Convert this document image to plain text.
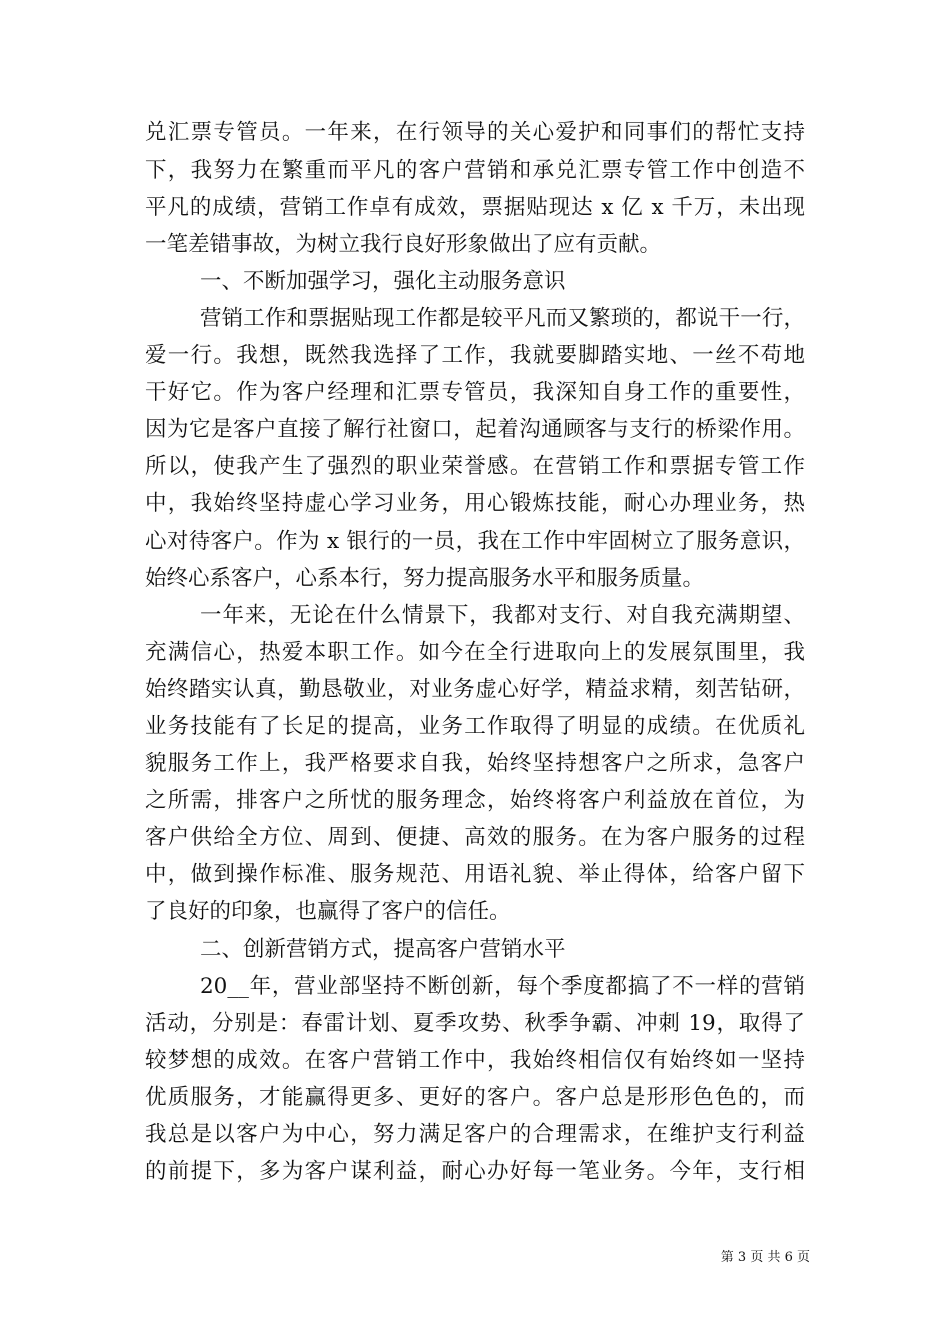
兑汇票专管员。一年来，在行领导的关心爱护和同事们的帮忙支持
下，我努力在繁重而平凡的客户营销和承兑汇票专管工作中创造不
平凡的成绩，营销工作卓有成效，票据贴现达 x 亿 x 千万，未出现
一笔差错事故，为树立我行良好形象做出了应有贡献。
一、不断加强学习，强化主动服务意识
营销工作和票据贴现工作都是较平凡而又繁琐的，都说干一行，
爱一行。我想，既然我选择了工作，我就要脚踏实地、一丝不苟地
干好它。作为客户经理和汇票专管员，我深知自身工作的重要性，
因为它是客户直接了解行社窗口，起着沟通顾客与支行的桥梁作用。
所以，使我产生了强烈的职业荣誉感。在营销工作和票据专管工作
中，我始终坚持虚心学习业务，用心锻炼技能，耐心办理业务，热
心对待客户。作为 x 银行的一员，我在工作中牢固树立了服务意识，
始终心系客户，心系本行，努力提高服务水平和服务质量。
一年来，无论在什么情景下，我都对支行、对自我充满期望、
充满信心，热爱本职工作。如今在全行进取向上的发展氛围里，我
始终踏实认真，勤恳敬业，对业务虚心好学，精益求精，刻苦钻研，
业务技能有了长足的提高，业务工作取得了明显的成绩。在优质礼
貌服务工作上，我严格要求自我，始终坚持想客户之所求，急客户
之所需，排客户之所忧的服务理念，始终将客户利益放在首位，为
客户供给全方位、周到、便捷、高效的服务。在为客户服务的过程
中，做到操作标准、服务规范、用语礼貌、举止得体，给客户留下
了良好的印象，也赢得了客户的信任。
二、创新营销方式，提高客户营销水平
20__年，营业部坚持不断创新，每个季度都搞了不一样的营销
活动，分别是：春雷计划、夏季攻势、秋季争霸、冲刺 19，取得了
较梦想的成效。在客户营销工作中，我始终相信仅有始终如一坚持
优质服务，才能赢得更多、更好的客户。客户总是形形色色的，而
我总是以客户为中心，努力满足客户的合理需求，在维护支行利益
的前提下，多为客户谋利益，耐心办好每一笔业务。今年，支行相
第 3 页 共 6 页
